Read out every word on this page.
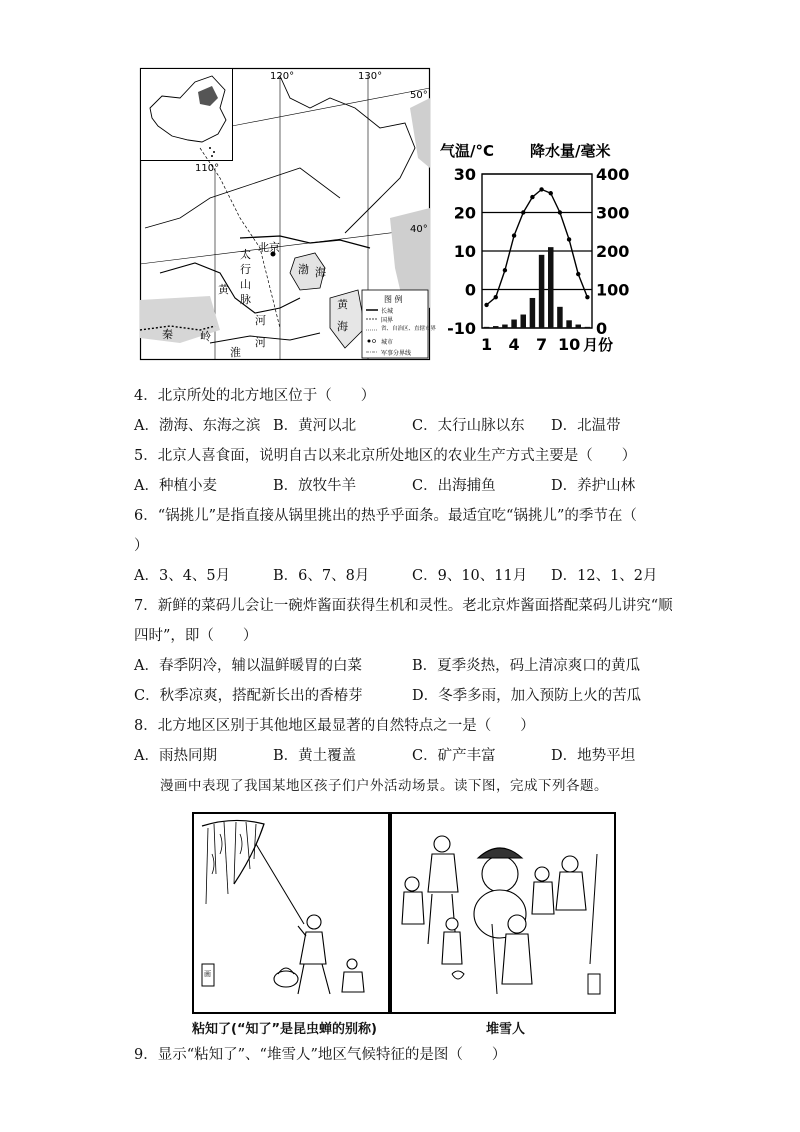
120°	130°
110°
50°
40°
北京
太
行
山
脉
渤 海
黄
河
黄
海
秦 岭
淮
河
图 例
长城
国界
省、自治区、直辖市界
城市
军事分界线
气温/°C 降水量/毫米
30
20
10
0
-10
400
300
200
100
0
1 4 7 10 月份
4．北京所处的北方地区位于（　　）
A．渤海、东海之滨 B．黄河以北	C．太行山脉以东 D．北温带
5．北京人喜食面，说明自古以来北京所处地区的农业生产方式主要是（　　）
A．种植小麦	B．放牧牛羊	C．出海捕鱼	D．养护山林
6．“锅挑儿”是指直接从锅里挑出的热乎乎面条。最适宜吃“锅挑儿”的季节在（
）
A．3、4、5月	B．6、7、8月	C．9、10、11月 D．12、1、2月
7．新鲜的菜码儿会让一碗炸酱面获得生机和灵性。老北京炸酱面搭配菜码儿讲究“顺
四时”，即（　　）
A．春季阴冷，辅以温鲜暖胃的白菜	B．夏季炎热，码上清凉爽口的黄瓜
C．秋季凉爽，搭配新长出的香椿芽	D．冬季多雨，加入预防上火的苦瓜
8．北方地区区别于其他地区最显著的自然特点之一是（　　）
A．雨热同期	B．黄土覆盖	C．矿产丰富	D．地势平坦
漫画中表现了我国某地区孩子们户外活动场景。读下图，完成下列各题。
画
粘知了(“知了”是昆虫蝉的别称)	堆雪人
9．显示“粘知了”、“堆雪人”地区气候特征的是图（　　）
